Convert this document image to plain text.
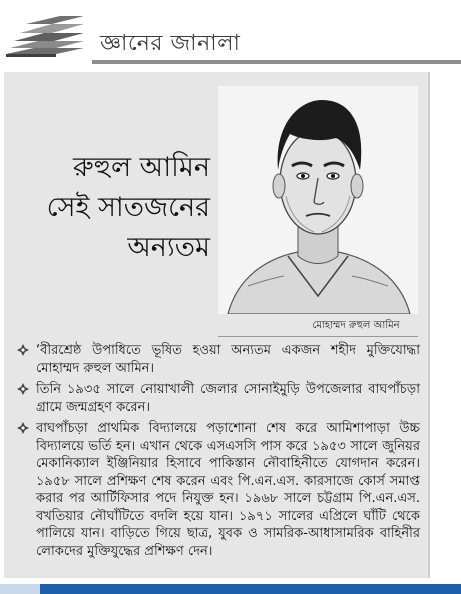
জ্ঞানের জানালা
রুহুল আমিন
সেই সাতজনের
অন্যতম
মোহাম্মদ রুহুল আমিন
‘বীরশ্রেষ্ঠ উপাধিতে ভূষিত হওয়া অন্যতম একজন শহীদ মুক্তিযোদ্ধা মোহাম্মদ রুহুল আমিন।
তিনি ১৯৩৫ সালে নোয়াখালী জেলার সোনাইমুড়ি উপজেলার বাঘপাঁচড়া গ্রামে জন্মগ্রহণ করেন।
বাঘপাঁচড়া প্রাথমিক বিদ্যালয়ে পড়াশোনা শেষ করে আমিশাপাড়া উচ্চ বিদ্যালয়ে ভর্তি হন। এখান থেকে এসএসসি পাস করে ১৯৫৩ সালে জুনিয়র মেকানিক্যাল ইঞ্জিনিয়ার হিসাবে পাকিস্তান নৌবাহিনীতে যোগদান করেন। ১৯৫৮ সালে প্রশিক্ষণ শেষ করেন এবং পি.এন.এস. কারসাজে কোর্স সমাপ্ত করার পর আর্টিফিসার পদে নিযুক্ত হন। ১৯৬৮ সালে চট্টগ্রাম পি.এন.এস. বখতিয়ার নৌঘাঁটিতে বদলি হয়ে যান। ১৯৭১ সালের এপ্রিলে ঘাঁটি থেকে পালিয়ে যান। বাড়িতে গিয়ে ছাত্র, যুবক ও সামরিক-আধাসামরিক বাহিনীর লোকদের মুক্তিযুদ্ধের প্রশিক্ষণ দেন।
